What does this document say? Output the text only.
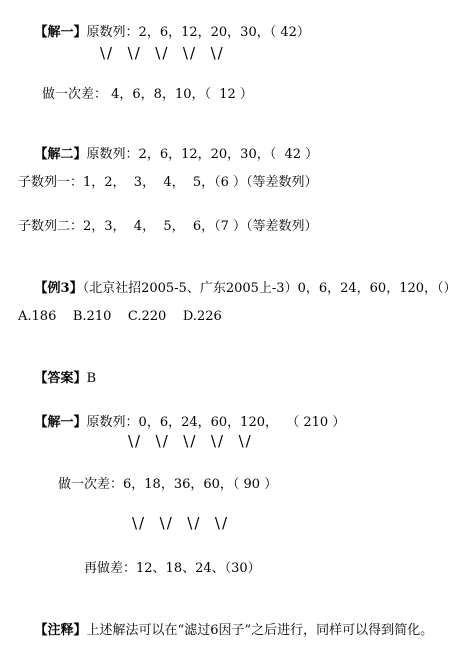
【解一】原数列：2，6，12，20，30，（ 42）

\/  \/  \/  \/  \/
做一次差： 4，6，8，10，（  12 ）

【解二】原数列：2，6，12，20，30，（  42 ）

子数列一：1，2，  3，  4，  5，（6 ）（等差数列）
子数列二：2，3，  4，  5，  6，（7 ）（等差数列）

【例3】（北京社招2005-5、广东2005上-3）0，6，24，60，120，（）

A.186    B.210    C.220    D.226

【答案】B

【解一】原数列：0，6，24，60，120，  （ 210 ）

\/  \/  \/  \/  \/
做一次差：6，18，36，60，（ 90 ）
\/  \/  \/  \/
再做差：12、18、24、（30）

【注释】上述解法可以在“滤过6因子”之后进行，同样可以得到简化。
